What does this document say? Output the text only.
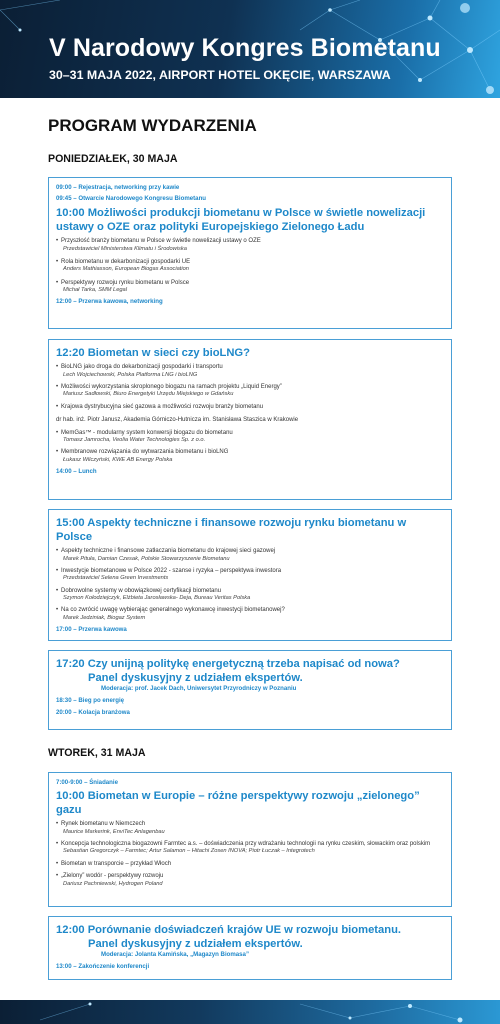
V Narodowy Kongres Biometanu
30–31 MAJA 2022, AIRPORT HOTEL OKĘCIE, WARSZAWA
PROGRAM WYDARZENIA
PONIEDZIAŁEK, 30 MAJA
09:00 – Rejestracja, networking przy kawie
09:45 – Otwarcie Narodowego Kongresu Biometanu
10:00 Możliwości produkcji biometanu w Polsce w świetle nowelizacji
ustawy o OZE oraz polityki Europejskiego Zielonego Ładu
• Przyszłość branży biometanu w Polsce w świetle nowelizacji ustawy o OZE
Przedstawiciel Ministerstwa Klimatu i Środowiska
• Rola biometanu w dekarbonizacji gospodarki UE
Anders Mathiasson, European Biogas Association
• Perspektywy rozwoju rynku biometanu w Polsce
Michał Tarka, SMM Legal
12:00 – Przerwa kawowa, networking
12:20 Biometan w sieci czy bioLNG?
• BioLNG jako droga do dekarbonizacji gospodarki i transportu
Lech Wojciechowski, Polska Platforma LNG i bioLNG
• Możliwości wykorzystania skroplonego biogazu na ramach projektu „Liquid Energy”
Mariusz Sadłowski, Biuro Energetyki Urzędu Miejskiego w Gdańsku
• Krajowa dystrybucyjna sieć gazowa a możliwości rozwoju branży biometanu
dr hab. inż. Piotr Janusz, Akademia Górniczo-Hutnicza im. Stanisława Staszica w Krakowie
• MemGas™ - modularny system konwersji biogazu do biometanu
Tomasz Jamrocha, Veolia Water Technologies Sp. z o.o.
• Membranowe rozwiązania do wytwarzania biometanu i bioLNG
Łukasz Wilczyński, KWE AB Energy Polska
14:00 – Lunch
15:00 Aspekty techniczne i finansowe rozwoju rynku biometanu w Polsce
• Aspekty techniczne i finansowe zatłaczania biometanu do krajowej sieci gazowej
Marek Pituła, Damian Czesak, Polskie Stowarzyszenie Biometanu
• Inwestycje biometanowe w Polsce 2022 - szanse i ryzyka – perspektywa inwestora
Przedstawiciel Selena Green Investments
• Dobrowolne systemy w obowiązkowej certyfikacji biometanu
Szymon Kołodziejczyk, Elżbieta Jarosławska- Deja, Bureau Veritas Polska
• Na co zwrócić uwagę wybierając generalnego wykonawcę inwestycji biometanowej?
Marek Jedziniak, Biogaz System
17:00 – Przerwa kawowa
17:20 Czy unijną politykę energetyczną trzeba napisać od nowa?
Panel dyskusyjny z udziałem ekspertów.
Moderacja: prof. Jacek Dach, Uniwersytet Przyrodniczy w Poznaniu
18:30 – Bieg po energię
20:00 – Kolacja branżowa
WTOREK, 31 MAJA
7:00-9:00 – Śniadanie
10:00 Biometan w Europie – różne perspektywy rozwoju „zielonego” gazu
• Rynek biometanu w Niemczech
Maurice Markerink, EnviTec Anlagenbau
• Koncepcja technologiczna biogazowni Farmtec a.s. – doświadczenia przy wdrażaniu technologii na rynku czeskim, słowackim oraz polskim
Sebastian Gregorczyk – Farmtec; Artur Salamon – Hitachi Zosen INOVA; Piotr Łuczak – Integrotech
• Biometan w transporcie – przykład Włoch
• „Zielony” wodór - perspektywy rozwoju
Dariusz Pachniewski, Hydrogen Poland
12:00 Porównanie doświadczeń krajów UE w rozwoju biometanu.
Panel dyskusyjny z udziałem ekspertów.
Moderacja: Jolanta Kamińska, „Magazyn Biomasa”
13:00 – Zakończenie konferencji
